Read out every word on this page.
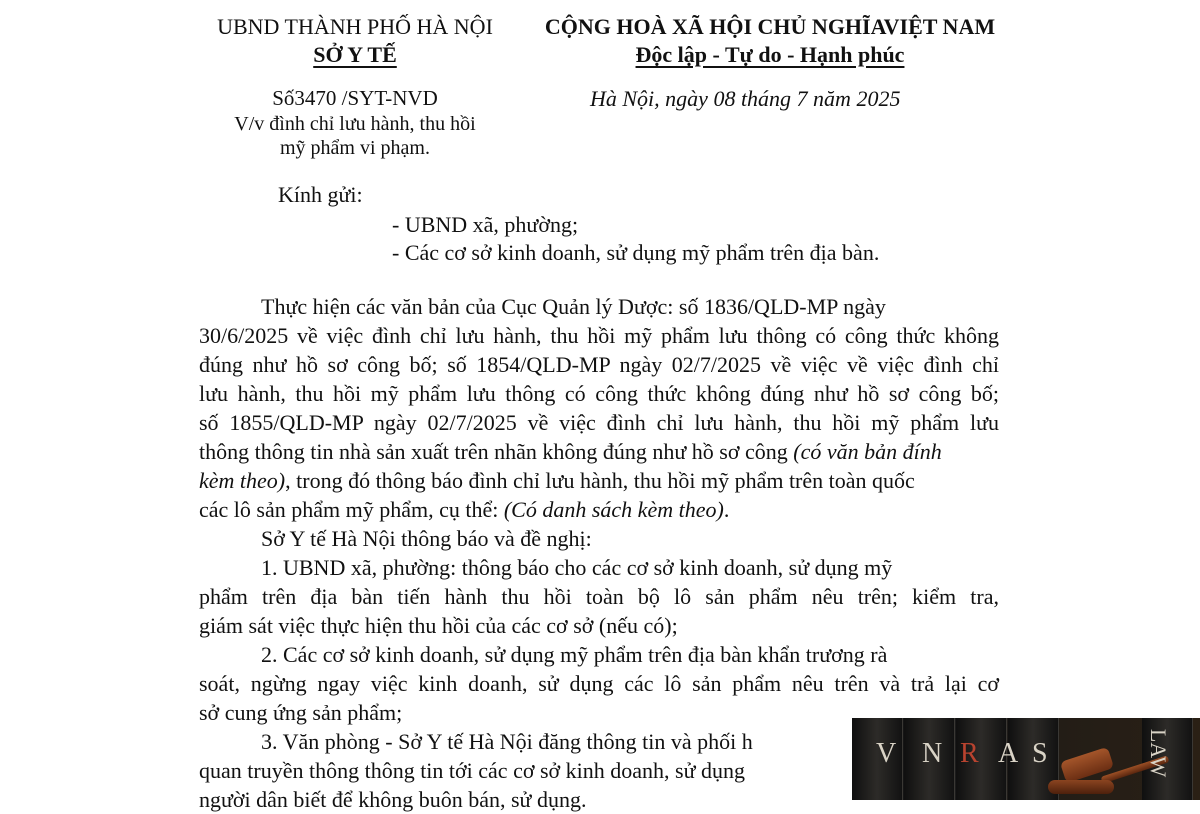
UBND THÀNH PHỐ HÀ NỘI
SỞ Y TẾ
CỘNG HOÀ XÃ HỘI CHỦ NGHĨAVIỆT NAM
Độc lập - Tự do - Hạnh phúc
Số3470 /SYT-NVD
V/v đình chỉ lưu hành, thu hồi
mỹ phẩm vi phạm.
Hà Nội, ngày 08 tháng 7 năm 2025
Kính gửi:
- UBND xã, phường;
- Các cơ sở kinh doanh, sử dụng mỹ phẩm trên địa bàn.
Thực hiện các văn bản của Cục Quản lý Dược: số 1836/QLD-MP ngày
30/6/2025 về việc đình chỉ lưu hành, thu hồi mỹ phẩm lưu thông có công thức không
đúng như hồ sơ công bố; số 1854/QLD-MP ngày 02/7/2025 về việc về việc đình chỉ
lưu hành, thu hồi mỹ phẩm lưu thông có công thức không đúng như hồ sơ công bố;
số 1855/QLD-MP ngày 02/7/2025 về việc đình chỉ lưu hành, thu hồi mỹ phẩm lưu
thông thông tin nhà sản xuất trên nhãn không đúng như hồ sơ công (có văn bản đính
kèm theo), trong đó thông báo đình chỉ lưu hành, thu hồi mỹ phẩm trên toàn quốc
các lô sản phẩm mỹ phẩm, cụ thể: (Có danh sách kèm theo).
Sở Y tế Hà Nội thông báo và đề nghị:
1. UBND xã, phường: thông báo cho các cơ sở kinh doanh, sử dụng mỹ
phẩm trên địa bàn tiến hành thu hồi toàn bộ lô sản phẩm nêu trên; kiểm tra,
giám sát việc thực hiện thu hồi của các cơ sở (nếu có);
2. Các cơ sở kinh doanh, sử dụng mỹ phẩm trên địa bàn khẩn trương rà
soát, ngừng ngay việc kinh doanh, sử dụng các lô sản phẩm nêu trên và trả lại cơ
sở cung ứng sản phẩm;
3. Văn phòng - Sở Y tế Hà Nội đăng thông tin và phối h
quan truyền thông thông tin tới các cơ sở kinh doanh, sử dụng
người dân biết để không buôn bán, sử dụng.
V N R A S	LAW
